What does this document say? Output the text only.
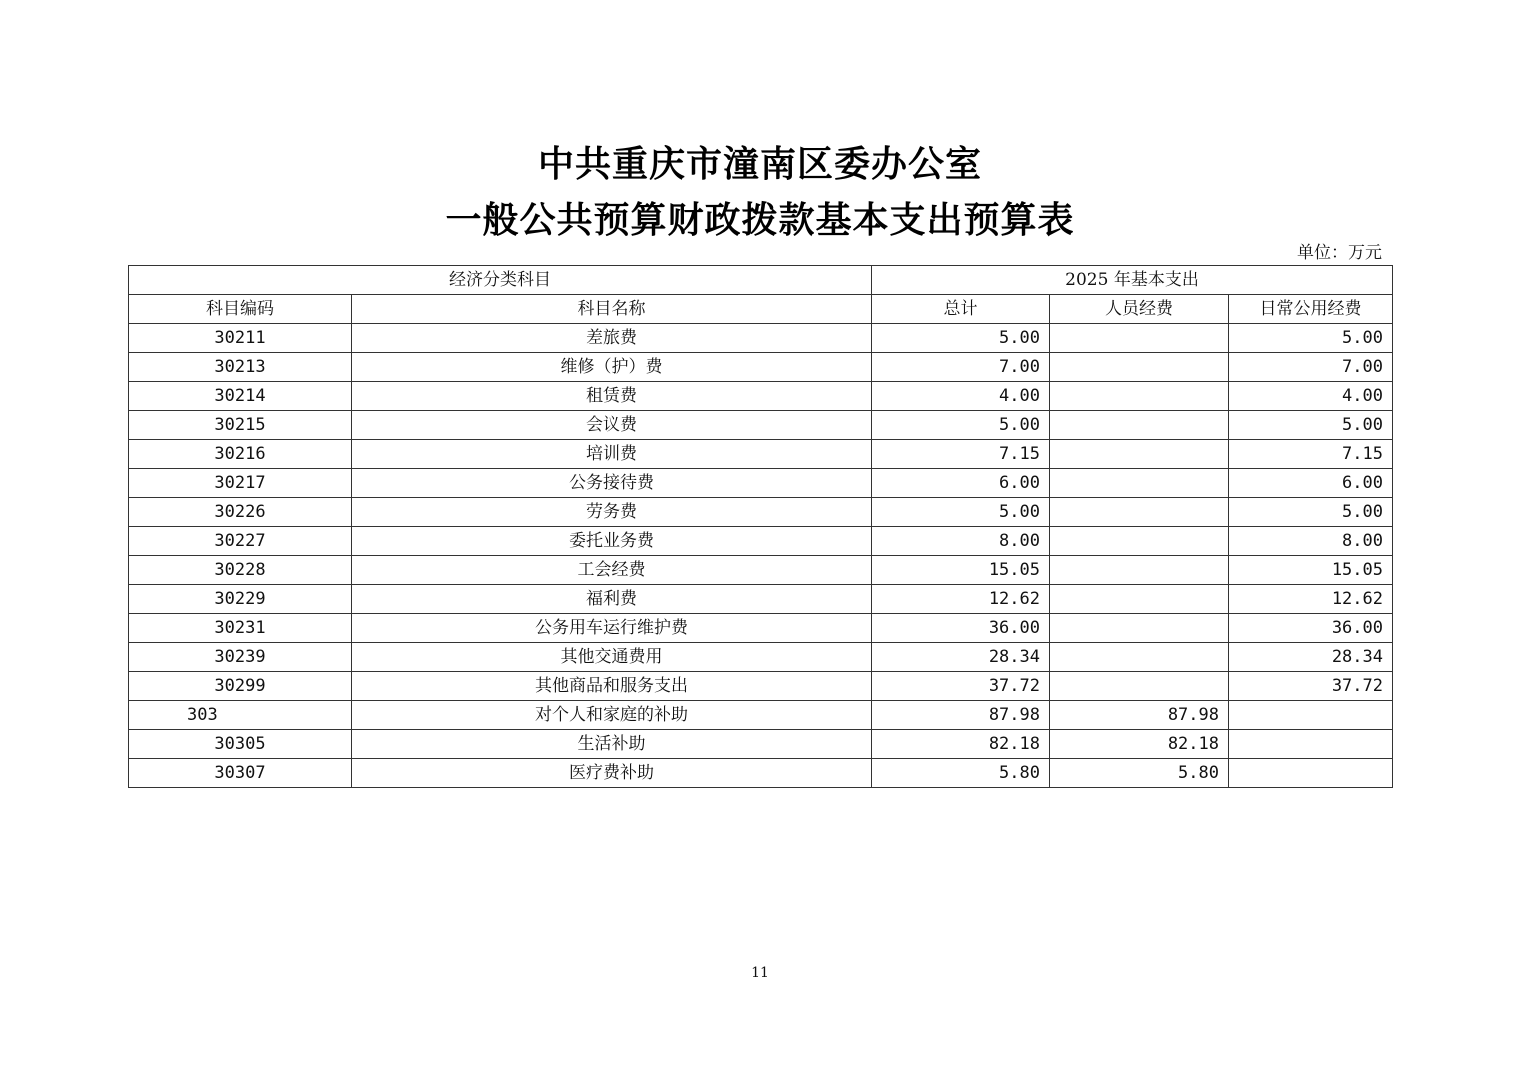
中共重庆市潼南区委办公室
一般公共预算财政拨款基本支出预算表
单位：万元
经济分类科目		2025 年基本支出		
科目编码	科目名称	总计	人员经费	日常公用经费
30211	差旅费	5.00		5.00
30213	维修（护）费	7.00		7.00
30214	租赁费	4.00		4.00
30215	会议费	5.00		5.00
30216	培训费	7.15		7.15
30217	公务接待费	6.00		6.00
30226	劳务费	5.00		5.00
30227	委托业务费	8.00		8.00
30228	工会经费	15.05		15.05
30229	福利费	12.62		12.62
30231	公务用车运行维护费	36.00		36.00
30239	其他交通费用	28.34		28.34
30299	其他商品和服务支出	37.72		37.72
303	对个人和家庭的补助	87.98	87.98	
30305	生活补助	82.18	82.18	
30307	医疗费补助	5.80	5.80	
11
